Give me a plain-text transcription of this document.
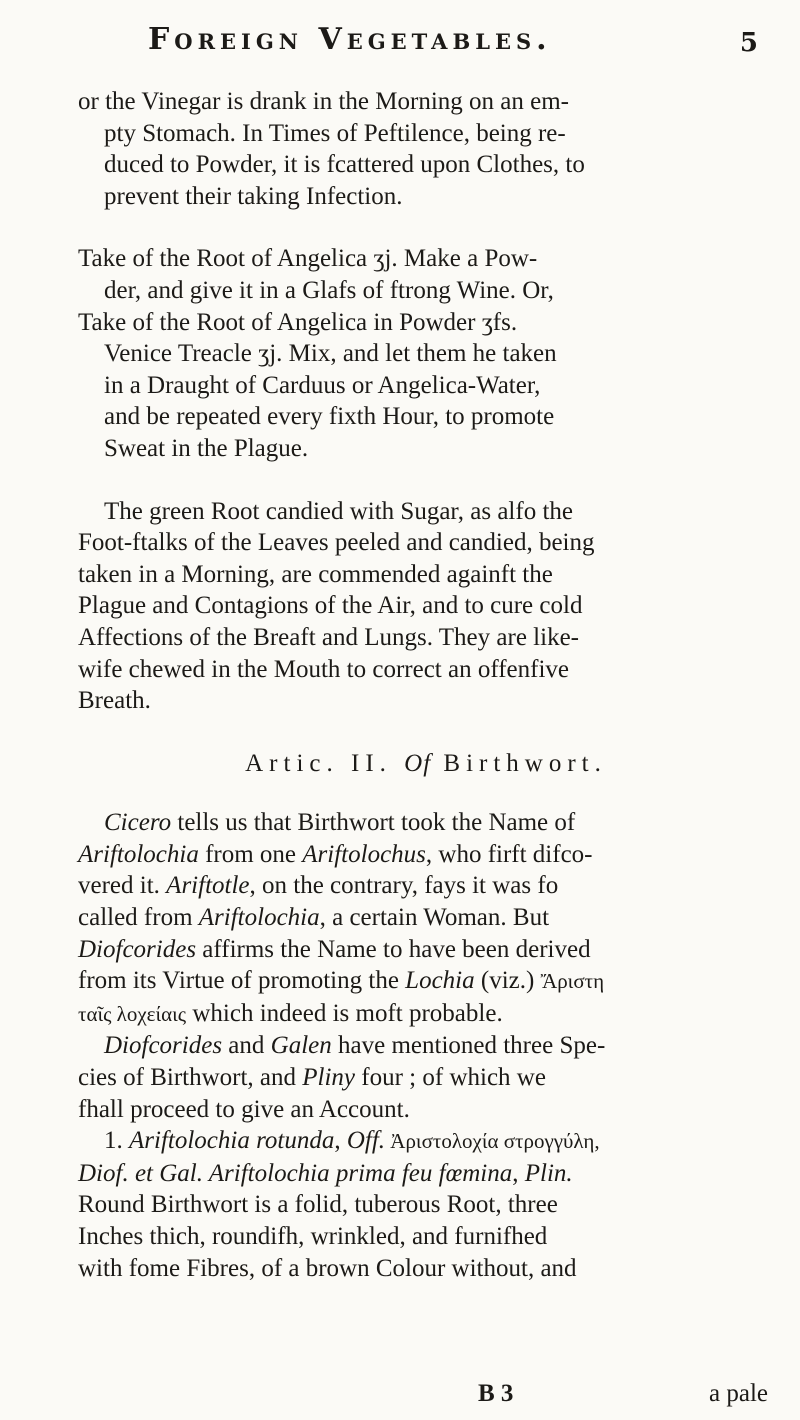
Foreign Vegetables.	5

or the Vinegar is drank in the Morning on an em-
pty Stomach. In Times of Peftilence, being re-
duced to Powder, it is fcattered upon Clothes, to
prevent their taking Infection.

Take of the Root of Angelica ʒj. Make a Pow-
der, and give it in a Glafs of ftrong Wine. Or,
Take of the Root of Angelica in Powder ʒfs.
Venice Treacle ʒj. Mix, and let them he taken
in a Draught of Carduus or Angelica-Water,
and be repeated every fixth Hour, to promote
Sweat in the Plague.

The green Root candied with Sugar, as alfo the
Foot-ftalks of the Leaves peeled and candied, being
taken in a Morning, are commended againft the
Plague and Contagions of the Air, and to cure cold
Affections of the Breaft and Lungs. They are like-
wife chewed in the Mouth to correct an offenfive
Breath.

Artic. II. Of Birthwort.

Cicero tells us that Birthwort took the Name of
Ariftolochia from one Ariftolochus, who firft difco-
vered it. Ariftotle, on the contrary, fays it was fo
called from Ariftolochia, a certain Woman. But
Diofcorides affirms the Name to have been derived
from its Virtue of promoting the Lochia (viz.) Ἄριστη
ταῖς λοχείαις which indeed is moft probable.

Diofcorides and Galen have mentioned three Spe-
cies of Birthwort, and Pliny four ; of which we
fhall proceed to give an Account.

1. Ariftolochia rotunda, Off. Ἀριστολοχία στρογγύλη,
Diof. et Gal. Ariftolochia prima feu fœmina, Plin.
Round Birthwort is a folid, tuberous Root, three
Inches thich, roundifh, wrinkled, and furnifhed
with fome Fibres, of a brown Colour without, and

B 3	a pale
